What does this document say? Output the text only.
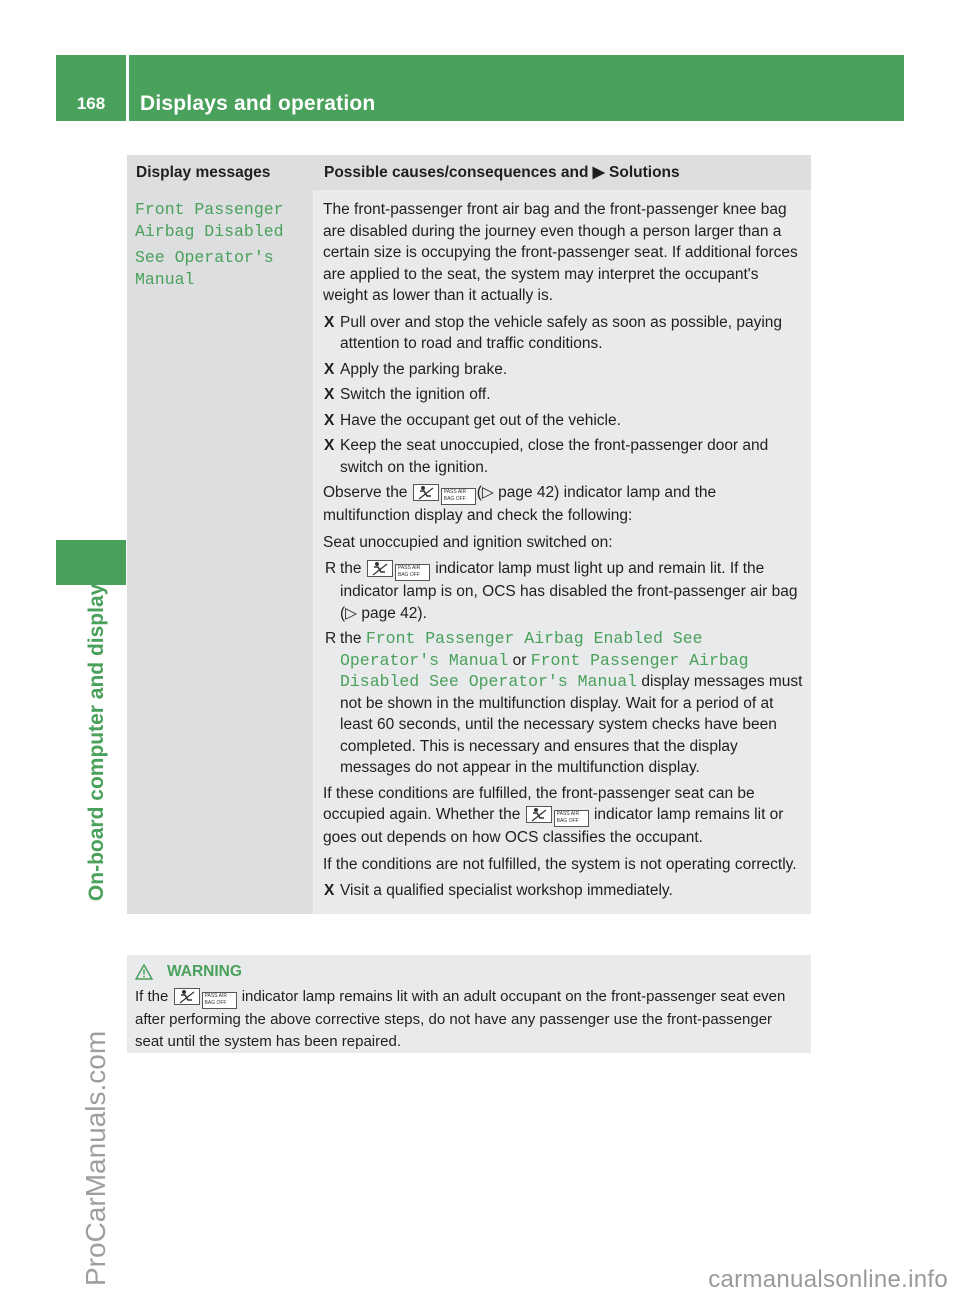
168	Displays and operation
On-board computer and displays
ProCarManuals.com
Display messages	Possible causes/consequences and ▶ Solutions
Front Passenger
Airbag Disabled
See Operator's
Manual

The front-passenger front air bag and the front-passenger knee bag are disabled during the journey even though a person larger than a certain size is occupying the front-passenger seat. If additional forces are applied to the seat, the system may interpret the occupant's weight as lower than it actually is.

X Pull over and stop the vehicle safely as soon as possible, paying attention to road and traffic conditions.
X Apply the parking brake.
X Switch the ignition off.
X Have the occupant get out of the vehicle.
X Keep the seat unoccupied, close the front-passenger door and switch on the ignition.

Observe the	PASS AIR BAG OFF (▷ page 42) indicator lamp and the multifunction display and check the following:

Seat unoccupied and ignition switched on:

R the	PASS AIR BAG OFF indicator lamp must light up and remain lit. If the indicator lamp is on, OCS has disabled the front-passenger air bag (▷ page 42).
R the Front Passenger Airbag Enabled See Operator's Manual or Front Passenger Airbag Disabled See Operator's Manual display messages must not be shown in the multifunction display. Wait for a period of at least 60 seconds, until the necessary system checks have been completed. This is necessary and ensures that the display messages do not appear in the multifunction display.

If these conditions are fulfilled, the front-passenger seat can be occupied again. Whether the	PASS AIR BAG OFF indicator lamp remains lit or goes out depends on how OCS classifies the occupant.

If the conditions are not fulfilled, the system is not operating correctly.

X Visit a qualified specialist workshop immediately.
WARNING
If the	PASS AIR BAG OFF indicator lamp remains lit with an adult occupant on the front-passenger seat even after performing the above corrective steps, do not have any passenger use the front-passenger seat until the system has been repaired.
carmanualsonline.info
